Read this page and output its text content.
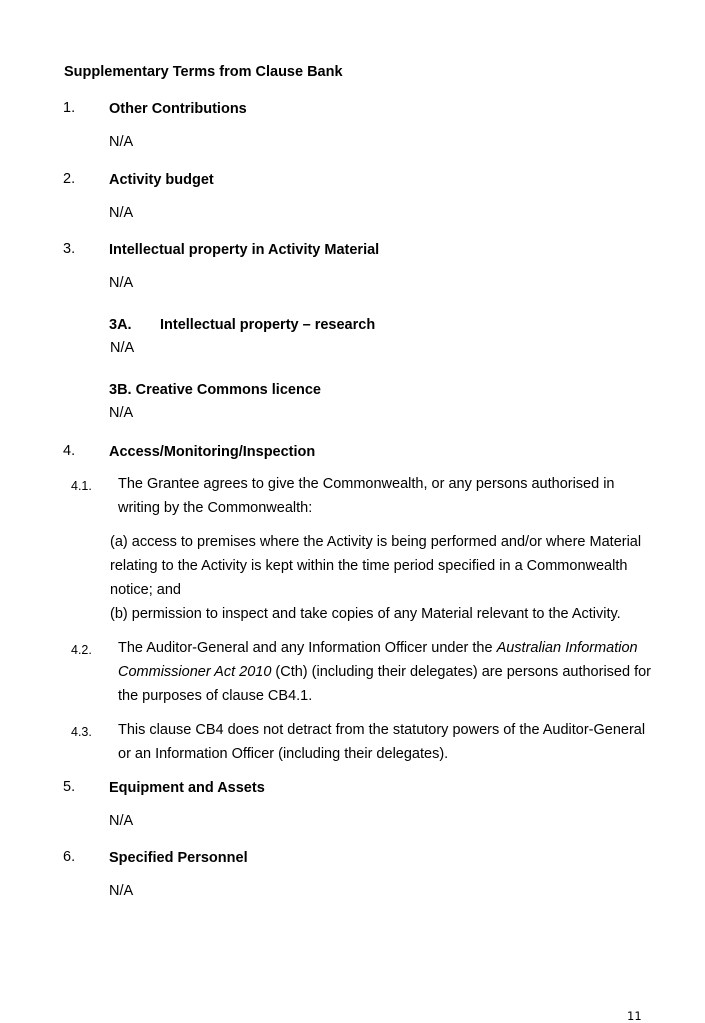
Supplementary Terms from Clause Bank
1. Other Contributions
N/A
2. Activity budget
N/A
3. Intellectual property in Activity Material
N/A
3A. Intellectual property – research
N/A
3B. Creative Commons licence
N/A
4. Access/Monitoring/Inspection
4.1. The Grantee agrees to give the Commonwealth, or any persons authorised in
writing by the Commonwealth:
(a) access to premises where the Activity is being performed and/or where Material
relating to the Activity is kept within the time period specified in a Commonwealth
notice; and
(b) permission to inspect and take copies of any Material relevant to the Activity.
4.2. The Auditor-General and any Information Officer under the Australian Information
Commissioner Act 2010 (Cth) (including their delegates) are persons authorised for
the purposes of clause CB4.1.
4.3. This clause CB4 does not detract from the statutory powers of the Auditor-General
or an Information Officer (including their delegates).
5. Equipment and Assets
N/A
6. Specified Personnel
N/A
11
